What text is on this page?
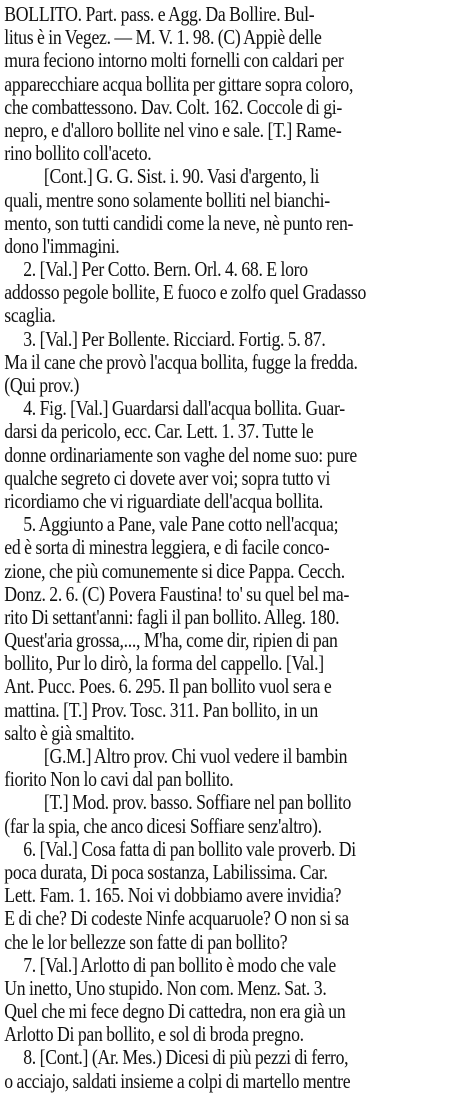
BOLLITO. Part. pass. e Agg. Da Bollire. Bul-
litus è in Vegez. — M. V. 1. 98. (C) Appiè delle
mura feciono intorno molti fornelli con caldari per
apparecchiare acqua bollita per gittare sopra coloro,
che combattessono. Dav. Colt. 162. Coccole di gi-
nepro, e d'alloro bollite nel vino e sale. [T.] Rame-
rino bollito coll'aceto.
[Cont.] G. G. Sist. i. 90. Vasi d'argento, li
quali, mentre sono solamente bolliti nel bianchi-
mento, son tutti candidi come la neve, nè punto ren-
dono l'immagini.
2. [Val.] Per Cotto. Bern. Orl. 4. 68. E loro
addosso pegole bollite, E fuoco e zolfo quel Gradasso
scaglia.
3. [Val.] Per Bollente. Ricciard. Fortig. 5. 87.
Ma il cane che provò l'acqua bollita, fugge la fredda.
(Qui prov.)
4. Fig. [Val.] Guardarsi dall'acqua bollita. Guar-
darsi da pericolo, ecc. Car. Lett. 1. 37. Tutte le
donne ordinariamente son vaghe del nome suo: pure
qualche segreto ci dovete aver voi; sopra tutto vi
ricordiamo che vi riguardiate dell'acqua bollita.
5. Aggiunto a Pane, vale Pane cotto nell'acqua;
ed è sorta di minestra leggiera, e di facile conco-
zione, che più comunemente si dice Pappa. Cecch.
Donz. 2. 6. (C) Povera Faustina! to' su quel bel ma-
rito Di settant'anni: fagli il pan bollito. Alleg. 180.
Quest'aria grossa,..., M'ha, come dir, ripien di pan
bollito, Pur lo dirò, la forma del cappello. [Val.]
Ant. Pucc. Poes. 6. 295. Il pan bollito vuol sera e
mattina. [T.] Prov. Tosc. 311. Pan bollito, in un
salto è già smaltito.
[G.M.] Altro prov. Chi vuol vedere il bambin
fiorito Non lo cavi dal pan bollito.
[T.] Mod. prov. basso. Soffiare nel pan bollito
(far la spia, che anco dicesi Soffiare senz'altro).
6. [Val.] Cosa fatta di pan bollito vale proverb. Di
poca durata, Di poca sostanza, Labilissima. Car.
Lett. Fam. 1. 165. Noi vi dobbiamo avere invidia?
E di che? Di codeste Ninfe acquaruole? O non si sa
che le lor bellezze son fatte di pan bollito?
7. [Val.] Arlotto di pan bollito è modo che vale
Un inetto, Uno stupido. Non com. Menz. Sat. 3.
Quel che mi fece degno Di cattedra, non era già un
Arlotto Di pan bollito, e sol di broda pregno.
8. [Cont.] (Ar. Mes.) Dicesi di più pezzi di ferro,
o acciajo, saldati insieme a colpi di martello mentre
